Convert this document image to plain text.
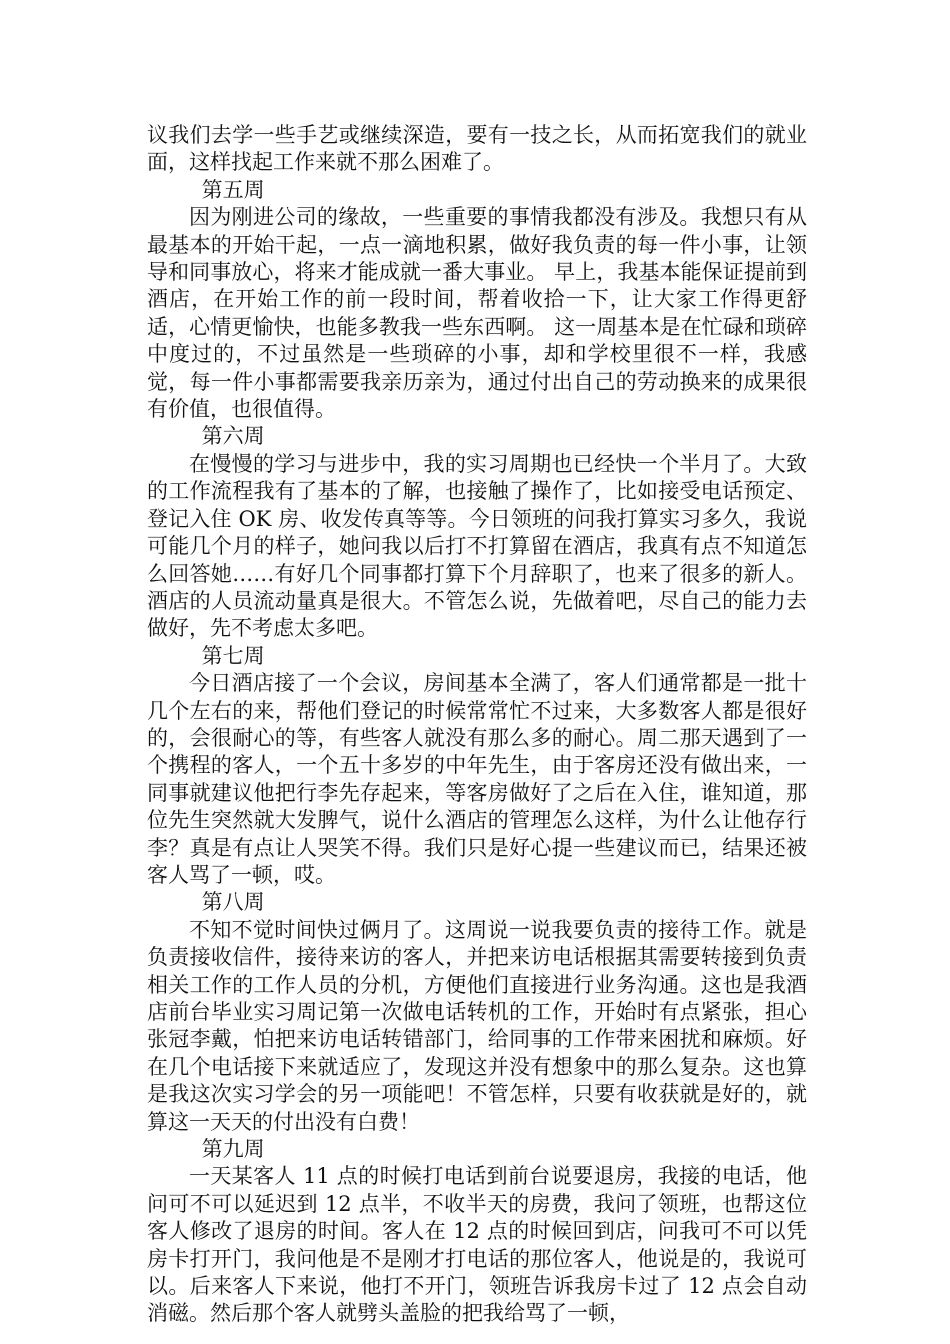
议我们去学一些手艺或继续深造，要有一技之长，从而拓宽我们的就业面，这样找起工作来就不那么困难了。

第五周

因为刚进公司的缘故，一些重要的事情我都没有涉及。我想只有从最基本的开始干起，一点一滴地积累，做好我负责的每一件小事，让领导和同事放心，将来才能成就一番大事业。 早上，我基本能保证提前到酒店，在开始工作的前一段时间，帮着收拾一下，让大家工作得更舒适，心情更愉快，也能多教我一些东西啊。 这一周基本是在忙碌和琐碎中度过的，不过虽然是一些琐碎的小事，却和学校里很不一样，我感觉，每一件小事都需要我亲历亲为，通过付出自己的劳动换来的成果很有价值，也很值得。

第六周

在慢慢的学习与进步中，我的实习周期也已经快一个半月了。大致的工作流程我有了基本的了解，也接触了操作了，比如接受电话预定、登记入住 OK 房、收发传真等等。今日领班的问我打算实习多久，我说可能几个月的样子，她问我以后打不打算留在酒店，我真有点不知道怎么回答她……有好几个同事都打算下个月辞职了，也来了很多的新人。酒店的人员流动量真是很大。不管怎么说，先做着吧，尽自己的能力去做好，先不考虑太多吧。

第七周

今日酒店接了一个会议，房间基本全满了，客人们通常都是一批十几个左右的来，帮他们登记的时候常常忙不过来，大多数客人都是很好的，会很耐心的等，有些客人就没有那么多的耐心。周二那天遇到了一个携程的客人，一个五十多岁的中年先生，由于客房还没有做出来，一同事就建议他把行李先存起来，等客房做好了之后在入住，谁知道，那位先生突然就大发脾气，说什么酒店的管理怎么这样，为什么让他存行李？真是有点让人哭笑不得。我们只是好心提一些建议而已，结果还被客人骂了一顿，哎。

第八周

不知不觉时间快过俩月了。这周说一说我要负责的接待工作。就是负责接收信件，接待来访的客人，并把来访电话根据其需要转接到负责相关工作的工作人员的分机，方便他们直接进行业务沟通。这也是我酒店前台毕业实习周记第一次做电话转机的工作，开始时有点紧张，担心张冠李戴，怕把来访电话转错部门，给同事的工作带来困扰和麻烦。好在几个电话接下来就适应了，发现这并没有想象中的那么复杂。这也算是我这次实习学会的另一项能吧！不管怎样，只要有收获就是好的，就算这一天天的付出没有白费！

第九周

一天某客人 11 点的时候打电话到前台说要退房，我接的电话，他问可不可以延迟到 12 点半，不收半天的房费，我问了领班，也帮这位客人修改了退房的时间。客人在 12 点的时候回到店，问我可不可以凭房卡打开门，我问他是不是刚才打电话的那位客人，他说是的，我说可以。后来客人下来说，他打不开门，领班告诉我房卡过了 12 点会自动消磁。然后那个客人就劈头盖脸的把我给骂了一顿，
